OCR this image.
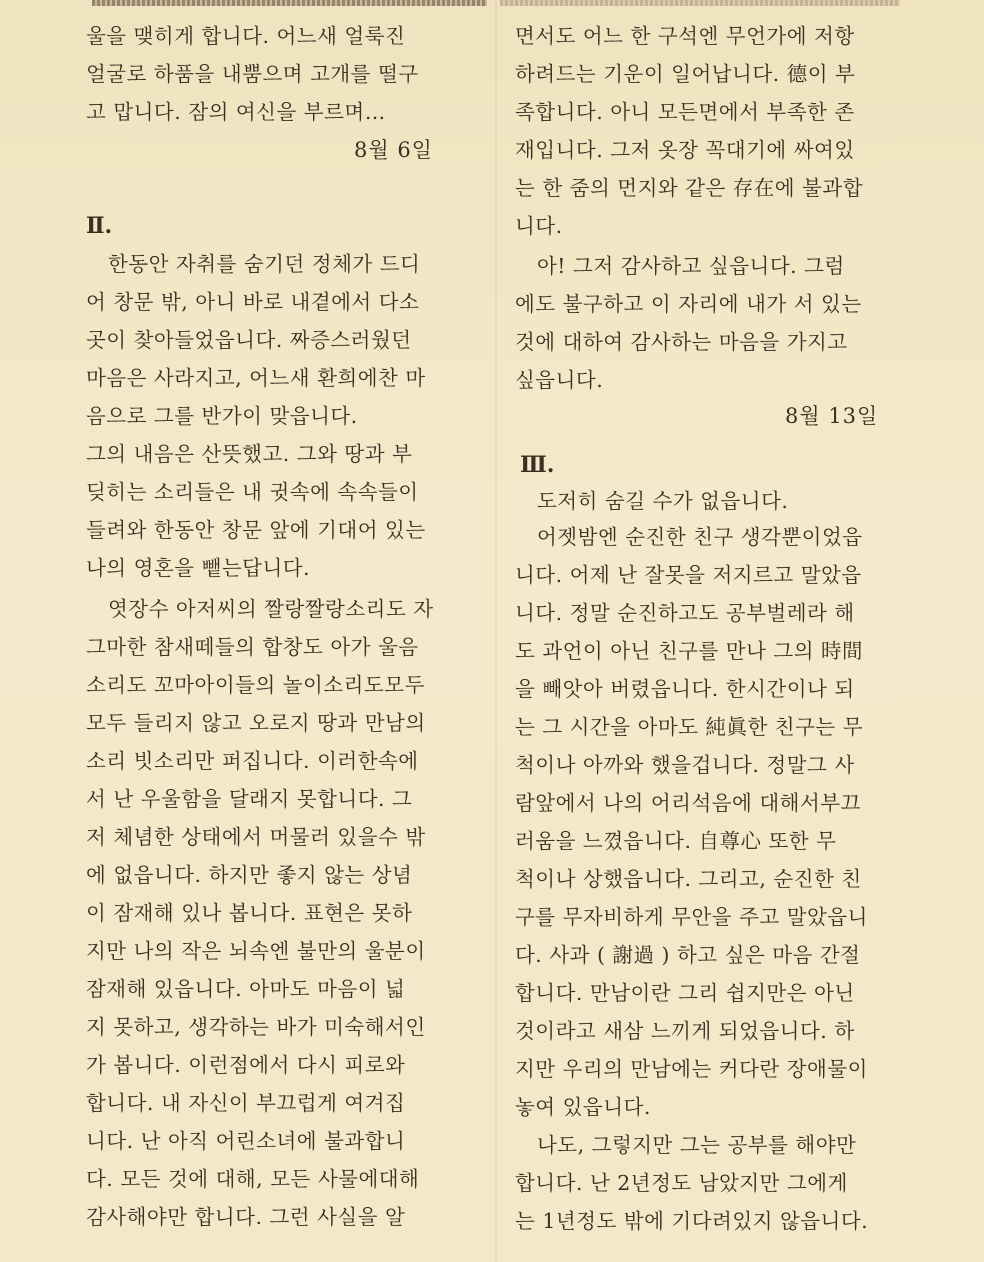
울을 맺히게 합니다. 어느새 얼룩진
얼굴로 하품을 내뿜으며 고개를 떨구
고 맙니다. 잠의 여신을 부르며…
8월 6일
Ⅱ.
한동안 자취를 숨기던 정체가 드디
어 창문 밖, 아니 바로 내곁에서 다소
곳이 찾아들었읍니다. 짜증스러웠던
마음은 사라지고, 어느새 환희에찬 마
음으로 그를 반가이 맞읍니다.
그의 내음은 산뜻했고. 그와 땅과 부
딪히는 소리들은 내 귓속에 속속들이
들려와 한동안 창문 앞에 기대어 있는
나의 영혼을 뺕는답니다.
엿장수 아저씨의 짤랑짤랑소리도 자
그마한 참새떼들의 합창도 아가 울음
소리도 꼬마아이들의 놀이소리도모두
모두 들리지 않고 오로지 땅과 만남의
소리 빗소리만 퍼집니다. 이러한속에
서 난 우울함을 달래지 못합니다. 그
저 체념한 상태에서 머물러 있을수 밖
에 없읍니다. 하지만 좋지 않는 상념
이 잠재해 있나 봅니다. 표현은 못하
지만 나의 작은 뇌속엔 불만의 울분이
잠재해 있읍니다. 아마도 마음이 넓
지 못하고, 생각하는 바가 미숙해서인
가 봅니다. 이런점에서 다시 피로와
합니다. 내 자신이 부끄럽게 여겨집
니다. 난 아직 어린소녀에 불과합니
다. 모든 것에 대해, 모든 사물에대해
감사해야만 합니다. 그런 사실을 알
면서도 어느 한 구석엔 무언가에 저항
하려드는 기운이 일어납니다. 德이 부
족합니다. 아니 모든면에서 부족한 존
재입니다. 그저 옷장 꼭대기에 싸여있
는 한 줌의 먼지와 같은 存在에 불과합
니다.
아! 그저 감사하고 싶읍니다. 그럼
에도 불구하고 이 자리에 내가 서 있는
것에 대하여 감사하는 마음을 가지고
싶읍니다.
8월 13일
Ⅲ.
도저히 숨길 수가 없읍니다.
어젯밤엔 순진한 친구 생각뿐이었읍
니다. 어제 난 잘못을 저지르고 말았읍
니다. 정말 순진하고도 공부벌레라 해
도 과언이 아닌 친구를 만나 그의 時間
을 빼앗아 버렸읍니다. 한시간이나 되
는 그 시간을 아마도 純眞한 친구는 무
척이나 아까와 했을겁니다. 정말그 사
람앞에서 나의 어리석음에 대해서부끄
러움을 느꼈읍니다. 自尊心 또한 무
척이나 상했읍니다. 그리고, 순진한 친
구를 무자비하게 무안을 주고 말았읍니
다. 사과 ( 謝過 ) 하고 싶은 마음 간절
합니다. 만남이란 그리 쉽지만은 아닌
것이라고 새삼 느끼게 되었읍니다. 하
지만 우리의 만남에는 커다란 장애물이
놓여 있읍니다.
나도, 그렇지만 그는 공부를 해야만
합니다. 난 2년정도 남았지만 그에게
는 1년정도 밖에 기다려있지 않읍니다.
